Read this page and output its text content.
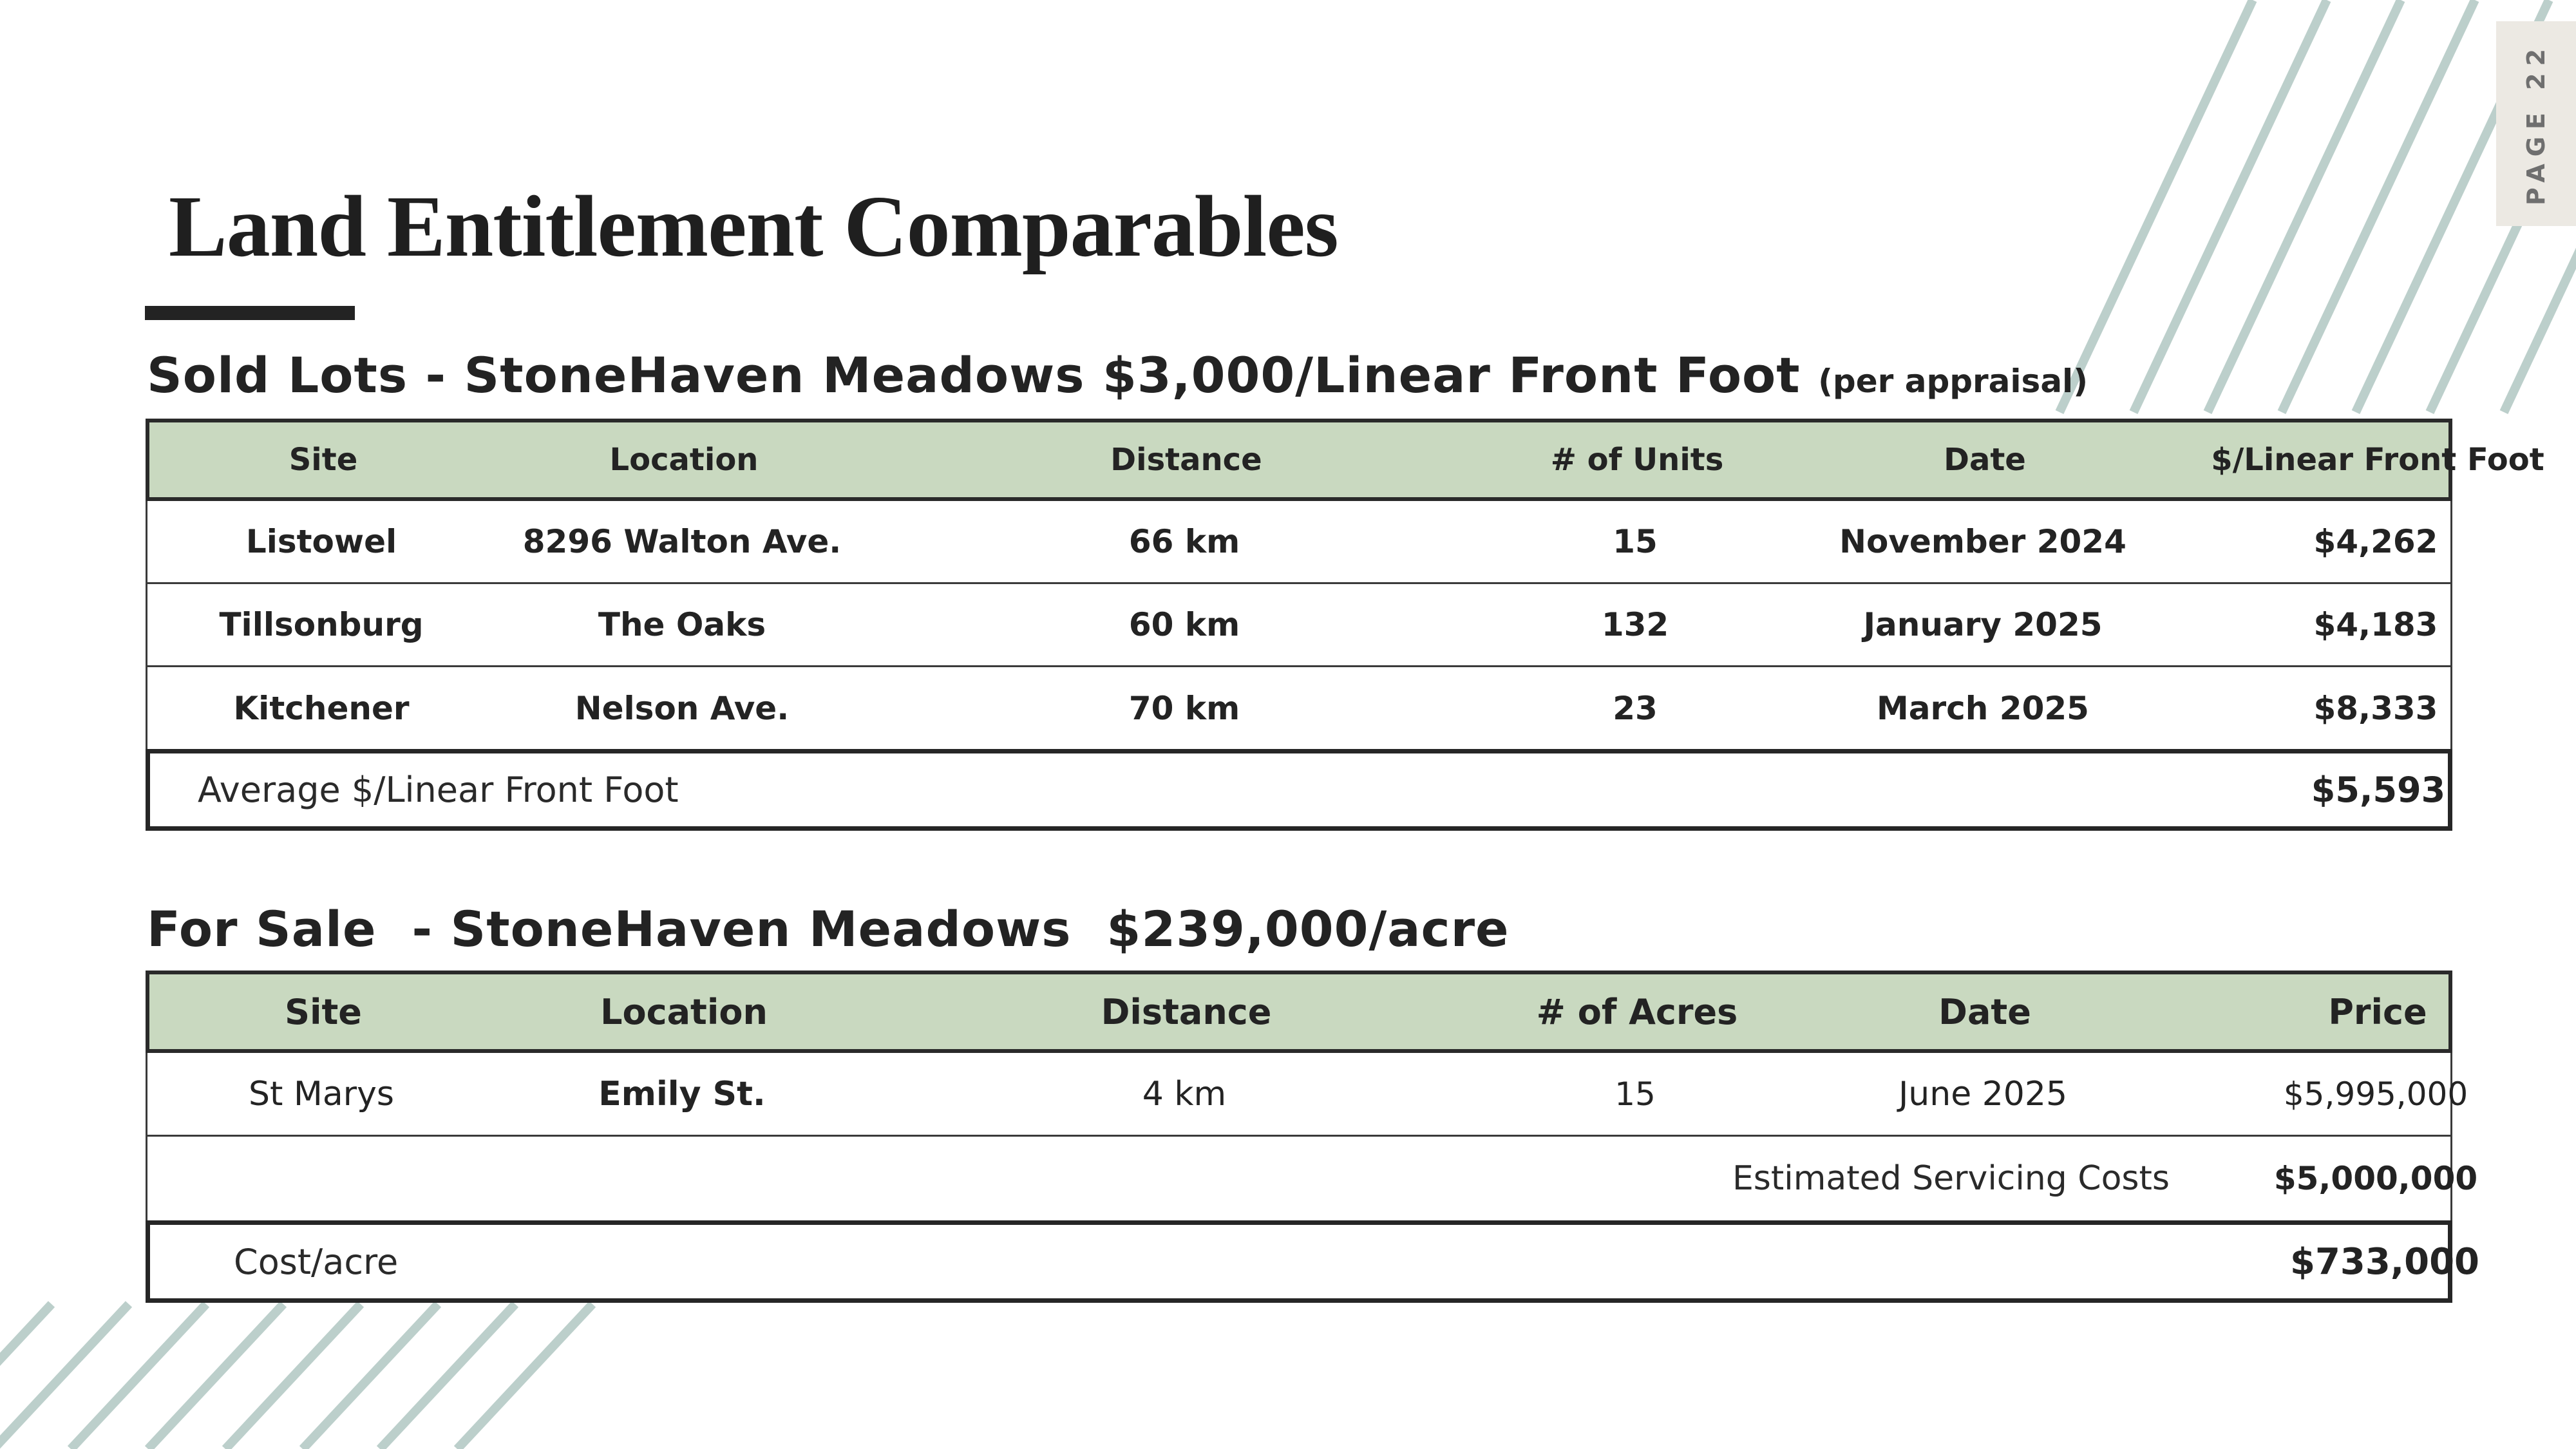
PAGE 22
Land Entitlement Comparables
Sold Lots - StoneHaven Meadows $3,000/Linear Front Foot (per appraisal)
Site	Location	Distance	# of Units	Date	$/Linear Front Foot
Listowel	8296 Walton Ave.	66 km	15	November 2024	$4,262
Tillsonburg	The Oaks	60 km	132	January 2025	$4,183
Kitchener	Nelson Ave.	70 km	23	March 2025	$8,333
Average $/Linear Front Foot	$5,593
For Sale  - StoneHaven Meadows  $239,000/acre
Site	Location	Distance	# of Acres	Date	Price
St Marys	Emily St.	4 km	15	June 2025	$5,995,000
Estimated Servicing Costs	$5,000,000
Cost/acre	$733,000
